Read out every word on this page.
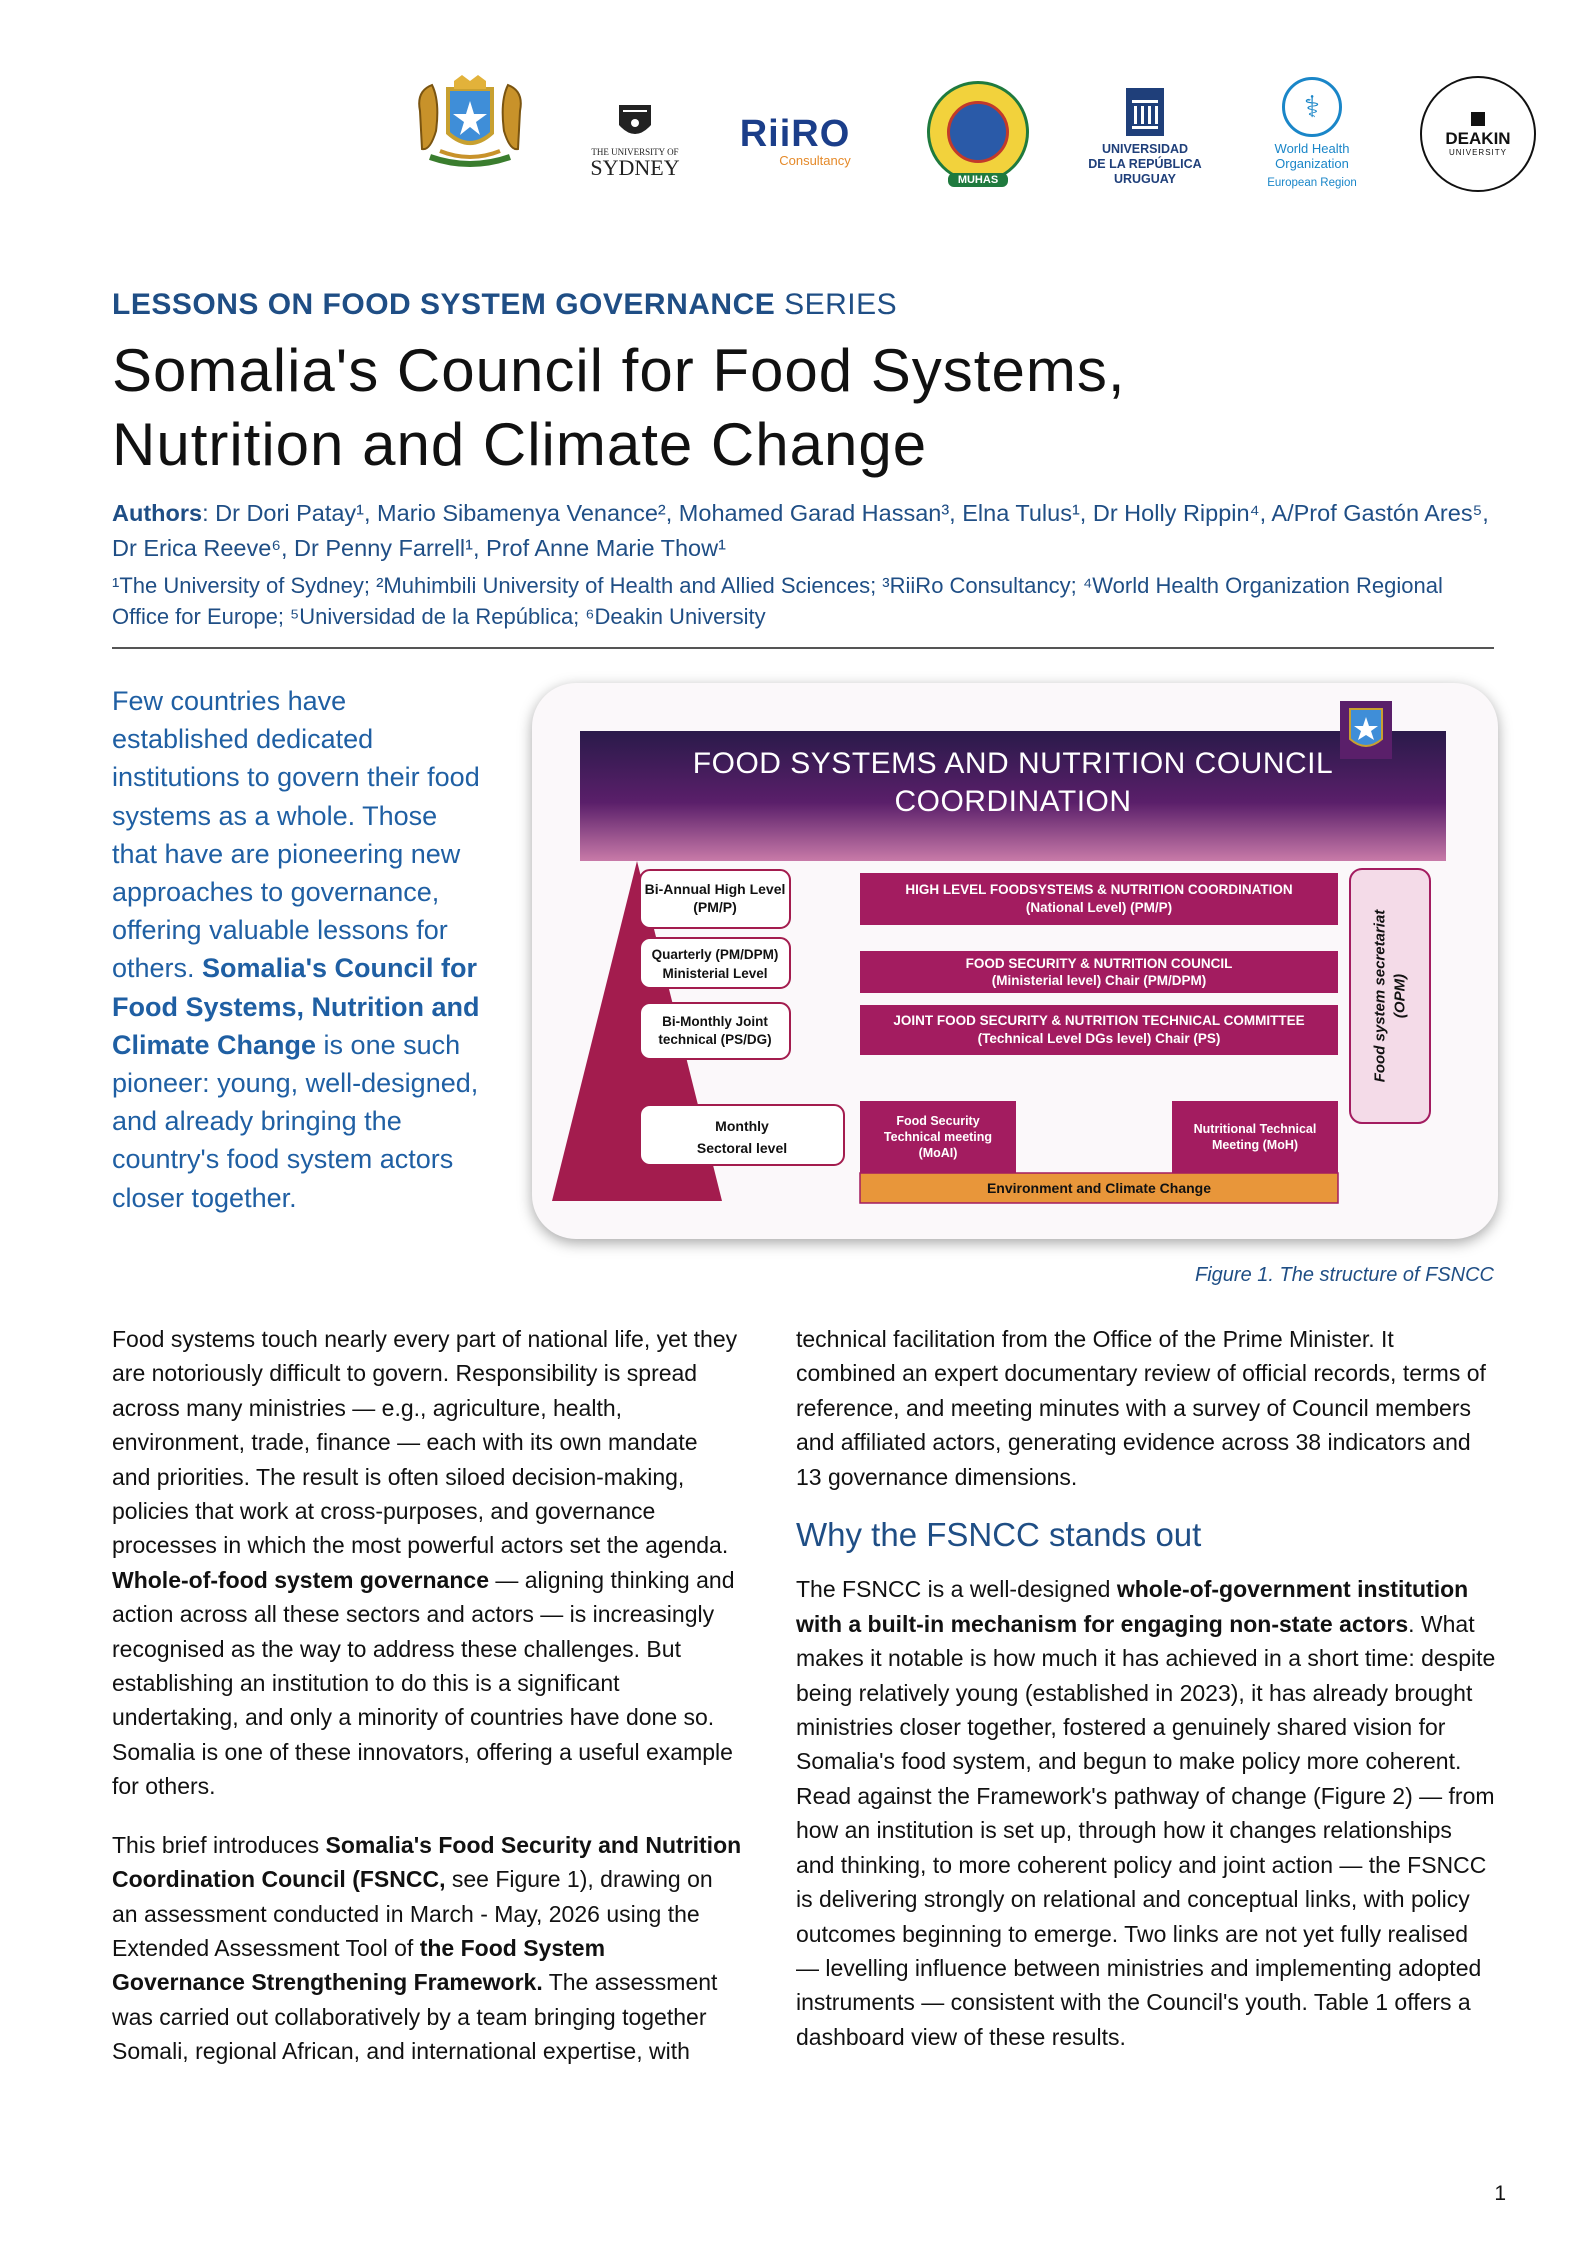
THE UNIVERSITY OF
SYDNEY
RiiRO
Consultancy
MUHAS
UNIVERSIDAD
DE LA REPÚBLICA
URUGUAY
⚕
World Health
Organization
European Region
DEAKIN
UNIVERSITY
LESSONS ON FOOD SYSTEM GOVERNANCE SERIES
Somalia's Council for Food Systems,
Nutrition and Climate Change
Authors: Dr Dori Patay¹, Mario Sibamenya Venance², Mohamed Garad Hassan³, Elna Tulus¹, Dr Holly Rippin⁴, A/Prof Gastón Ares⁵, Dr Erica Reeve⁶, Dr Penny Farrell¹, Prof Anne Marie Thow¹
¹The University of Sydney; ²Muhimbili University of Health and Allied Sciences; ³RiiRo Consultancy; ⁴World Health Organization Regional Office for Europe; ⁵Universidad de la República; ⁶Deakin University
Few countries have established dedicated institutions to govern their food systems as a whole. Those that have are pioneering new approaches to governance, offering valuable lessons for others. Somalia's Council for Food Systems, Nutrition and Climate Change is one such pioneer: young, well-designed, and already bringing the country's food system actors closer together.
FOOD SYSTEMS AND NUTRITION COUNCIL
COORDINATION
Bi-Annual High Level
(PM/P)
Quarterly (PM/DPM)
Ministerial Level
Bi-Monthly Joint
technical (PS/DG)
Monthly
Sectoral level
HIGH LEVEL FOODSYSTEMS & NUTRITION COORDINATION
(National Level) (PM/P)
FOOD SECURITY & NUTRITION COUNCIL
(Ministerial level) Chair (PM/DPM)
JOINT FOOD SECURITY & NUTRITION TECHNICAL COMMITTEE
(Technical Level DGs level) Chair (PS)
Food Security
Technical meeting
(MoAI)
Nutritional Technical
Meeting (MoH)
Environment and Climate Change
Food system secretariat (OPM)
Figure 1. The structure of FSNCC

Food systems touch nearly every part of national life, yet they are notoriously difficult to govern. Responsibility is spread across many ministries — e.g., agriculture, health, environment, trade, finance — each with its own mandate and priorities. The result is often siloed decision-making, policies that work at cross-purposes, and governance processes in which the most powerful actors set the agenda. Whole-of-food system governance — aligning thinking and action across all these sectors and actors — is increasingly recognised as the way to address these challenges. But establishing an institution to do this is a significant undertaking, and only a minority of countries have done so. Somalia is one of these innovators, offering a useful example for others.

This brief introduces Somalia's Food Security and Nutrition Coordination Council (FSNCC, see Figure 1), drawing on an assessment conducted in March - May, 2026 using the Extended Assessment Tool of the Food System Governance Strengthening Framework. The assessment was carried out collaboratively by a team bringing together Somali, regional African, and international expertise, with

technical facilitation from the Office of the Prime Minister. It combined an expert documentary review of official records, terms of reference, and meeting minutes with a survey of Council members and affiliated actors, generating evidence across 38 indicators and 13 governance dimensions.

Why the FSNCC stands out

The FSNCC is a well-designed whole-of-government institution with a built-in mechanism for engaging non-state actors. What makes it notable is how much it has achieved in a short time: despite being relatively young (established in 2023), it has already brought ministries closer together, fostered a genuinely shared vision for Somalia's food system, and begun to make policy more coherent. Read against the Framework's pathway of change (Figure 2) — from how an institution is set up, through how it changes relationships and thinking, to more coherent policy and joint action — the FSNCC is delivering strongly on relational and conceptual links, with policy outcomes beginning to emerge. Two links are not yet fully realised — levelling influence between ministries and implementing adopted instruments — consistent with the Council's youth. Table 1 offers a dashboard view of these results.

1
